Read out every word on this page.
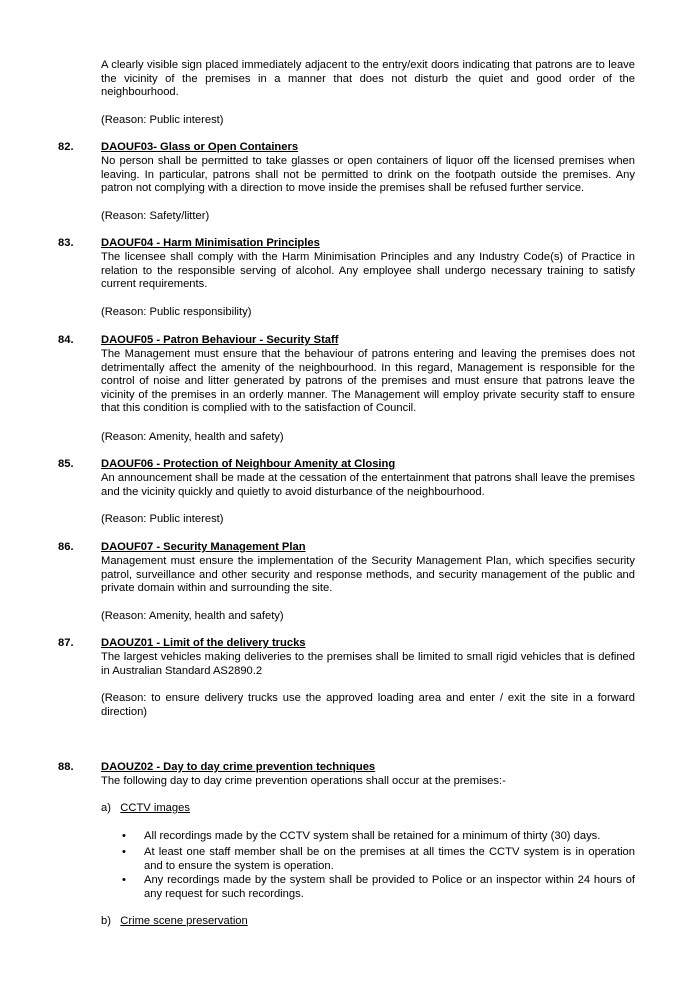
A clearly visible sign placed immediately adjacent to the entry/exit doors indicating that patrons are to leave the vicinity of the premises in a manner that does not disturb the quiet and good order of the neighbourhood.

(Reason: Public interest)

82. DAOUF03- Glass or Open Containers

No person shall be permitted to take glasses or open containers of liquor off the licensed premises when leaving. In particular, patrons shall not be permitted to drink on the footpath outside the premises. Any patron not complying with a direction to move inside the premises shall be refused further service.

(Reason: Safety/litter)

83. DAOUF04 - Harm Minimisation Principles

The licensee shall comply with the Harm Minimisation Principles and any Industry Code(s) of Practice in relation to the responsible serving of alcohol. Any employee shall undergo necessary training to satisfy current requirements.

(Reason: Public responsibility)

84. DAOUF05 - Patron Behaviour - Security Staff

The Management must ensure that the behaviour of patrons entering and leaving the premises does not detrimentally affect the amenity of the neighbourhood. In this regard, Management is responsible for the control of noise and litter generated by patrons of the premises and must ensure that patrons leave the vicinity of the premises in an orderly manner. The Management will employ private security staff to ensure that this condition is complied with to the satisfaction of Council.

(Reason: Amenity, health and safety)

85. DAOUF06 - Protection of Neighbour Amenity at Closing

An announcement shall be made at the cessation of the entertainment that patrons shall leave the premises and the vicinity quickly and quietly to avoid disturbance of the neighbourhood.

(Reason: Public interest)

86. DAOUF07 - Security Management Plan

Management must ensure the implementation of the Security Management Plan, which specifies security patrol, surveillance and other security and response methods, and security management of the public and private domain within and surrounding the site.

(Reason: Amenity, health and safety)

87. DAOUZ01 - Limit of the delivery trucks

The largest vehicles making deliveries to the premises shall be limited to small rigid vehicles that is defined in Australian Standard AS2890.2

(Reason: to ensure delivery trucks use the approved loading area and enter / exit the site in a forward direction)

88. DAOUZ02 - Day to day crime prevention techniques

The following day to day crime prevention operations shall occur at the premises:-

a) CCTV images
• All recordings made by the CCTV system shall be retained for a minimum of thirty (30) days.

• At least one staff member shall be on the premises at all times the CCTV system is in operation and to ensure the system is operation.

• Any recordings made by the system shall be provided to Police or an inspector within 24 hours of any request for such recordings.

b) Crime scene preservation
